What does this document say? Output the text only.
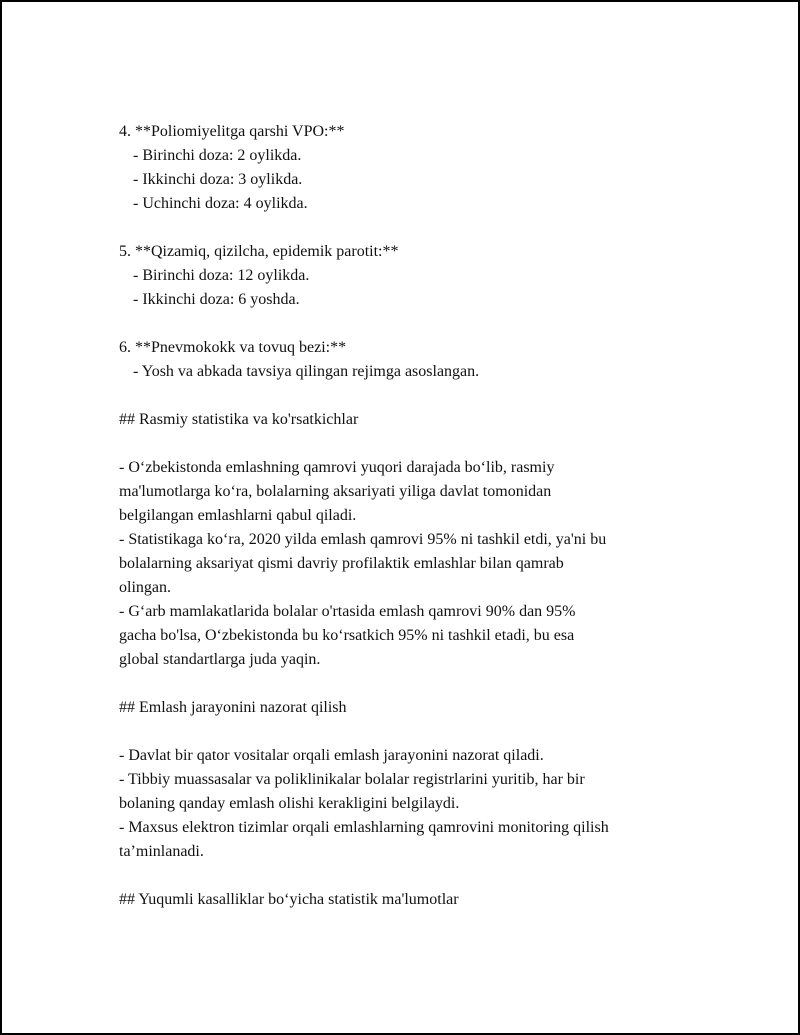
4. **Poliomiyelitga qarshi VPO:**

- Birinchi doza: 2 oylikda.

- Ikkinchi doza: 3 oylikda.

- Uchinchi doza: 4 oylikda.

5. **Qizamiq, qizilcha, epidemik parotit:**

- Birinchi doza: 12 oylikda.

- Ikkinchi doza: 6 yoshda.

6. **Pnevmokokk va tovuq bezi:**

- Yosh va abkada tavsiya qilingan rejimga asoslangan.

## Rasmiy statistika va ko'rsatkichlar

- O‘zbekistonda emlashning qamrovi yuqori darajada bo‘lib, rasmiy

ma'lumotlarga ko‘ra, bolalarning aksariyati yiliga davlat tomonidan

belgilangan emlashlarni qabul qiladi.

- Statistikaga ko‘ra, 2020 yilda emlash qamrovi 95% ni tashkil etdi, ya'ni bu

bolalarning aksariyat qismi davriy profilaktik emlashlar bilan qamrab

olingan.

- G‘arb mamlakatlarida bolalar o'rtasida emlash qamrovi 90% dan 95%

gacha bo'lsa, O‘zbekistonda bu ko‘rsatkich 95% ni tashkil etadi, bu esa

global standartlarga juda yaqin.

## Emlash jarayonini nazorat qilish

- Davlat bir qator vositalar orqali emlash jarayonini nazorat qiladi.

- Tibbiy muassasalar va poliklinikalar bolalar registrlarini yuritib, har bir

bolaning qanday emlash olishi kerakligini belgilaydi.

- Maxsus elektron tizimlar orqali emlashlarning qamrovini monitoring qilish

ta’minlanadi.

## Yuqumli kasalliklar bo‘yicha statistik ma'lumotlar
